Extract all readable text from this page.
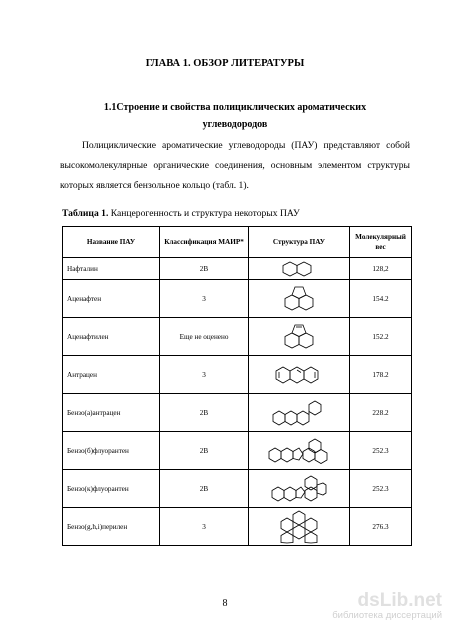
ГЛАВА 1. ОБЗОР ЛИТЕРАТУРЫ
1.1Строение и свойства полициклических ароматических
углеводородов
Полициклические ароматические углеводороды (ПАУ) представляют собой высокомолекулярные органические соединения, основным элементом структуры которых является бензольное кольцо (табл. 1).
Таблица 1. Канцерогенность и структура некоторых ПАУ
Название ПАУ	Классификация МАИР*	Структура ПАУ	Молекулярный вес
Нафталин	2B		128,2
Аценафтен	3		154.2
Аценафтилен	Еще не оценено		152.2
Антрацен	3		178.2
Бензо(а)антрацен	2B		228.2
Бензо(б)флуорантен	2B		252.3
Бензо(к)флуорантен	2B		252.3
Бензо(g,h,i)перилен	3		276.3
8	dsLib.net
библиотека диссертаций
